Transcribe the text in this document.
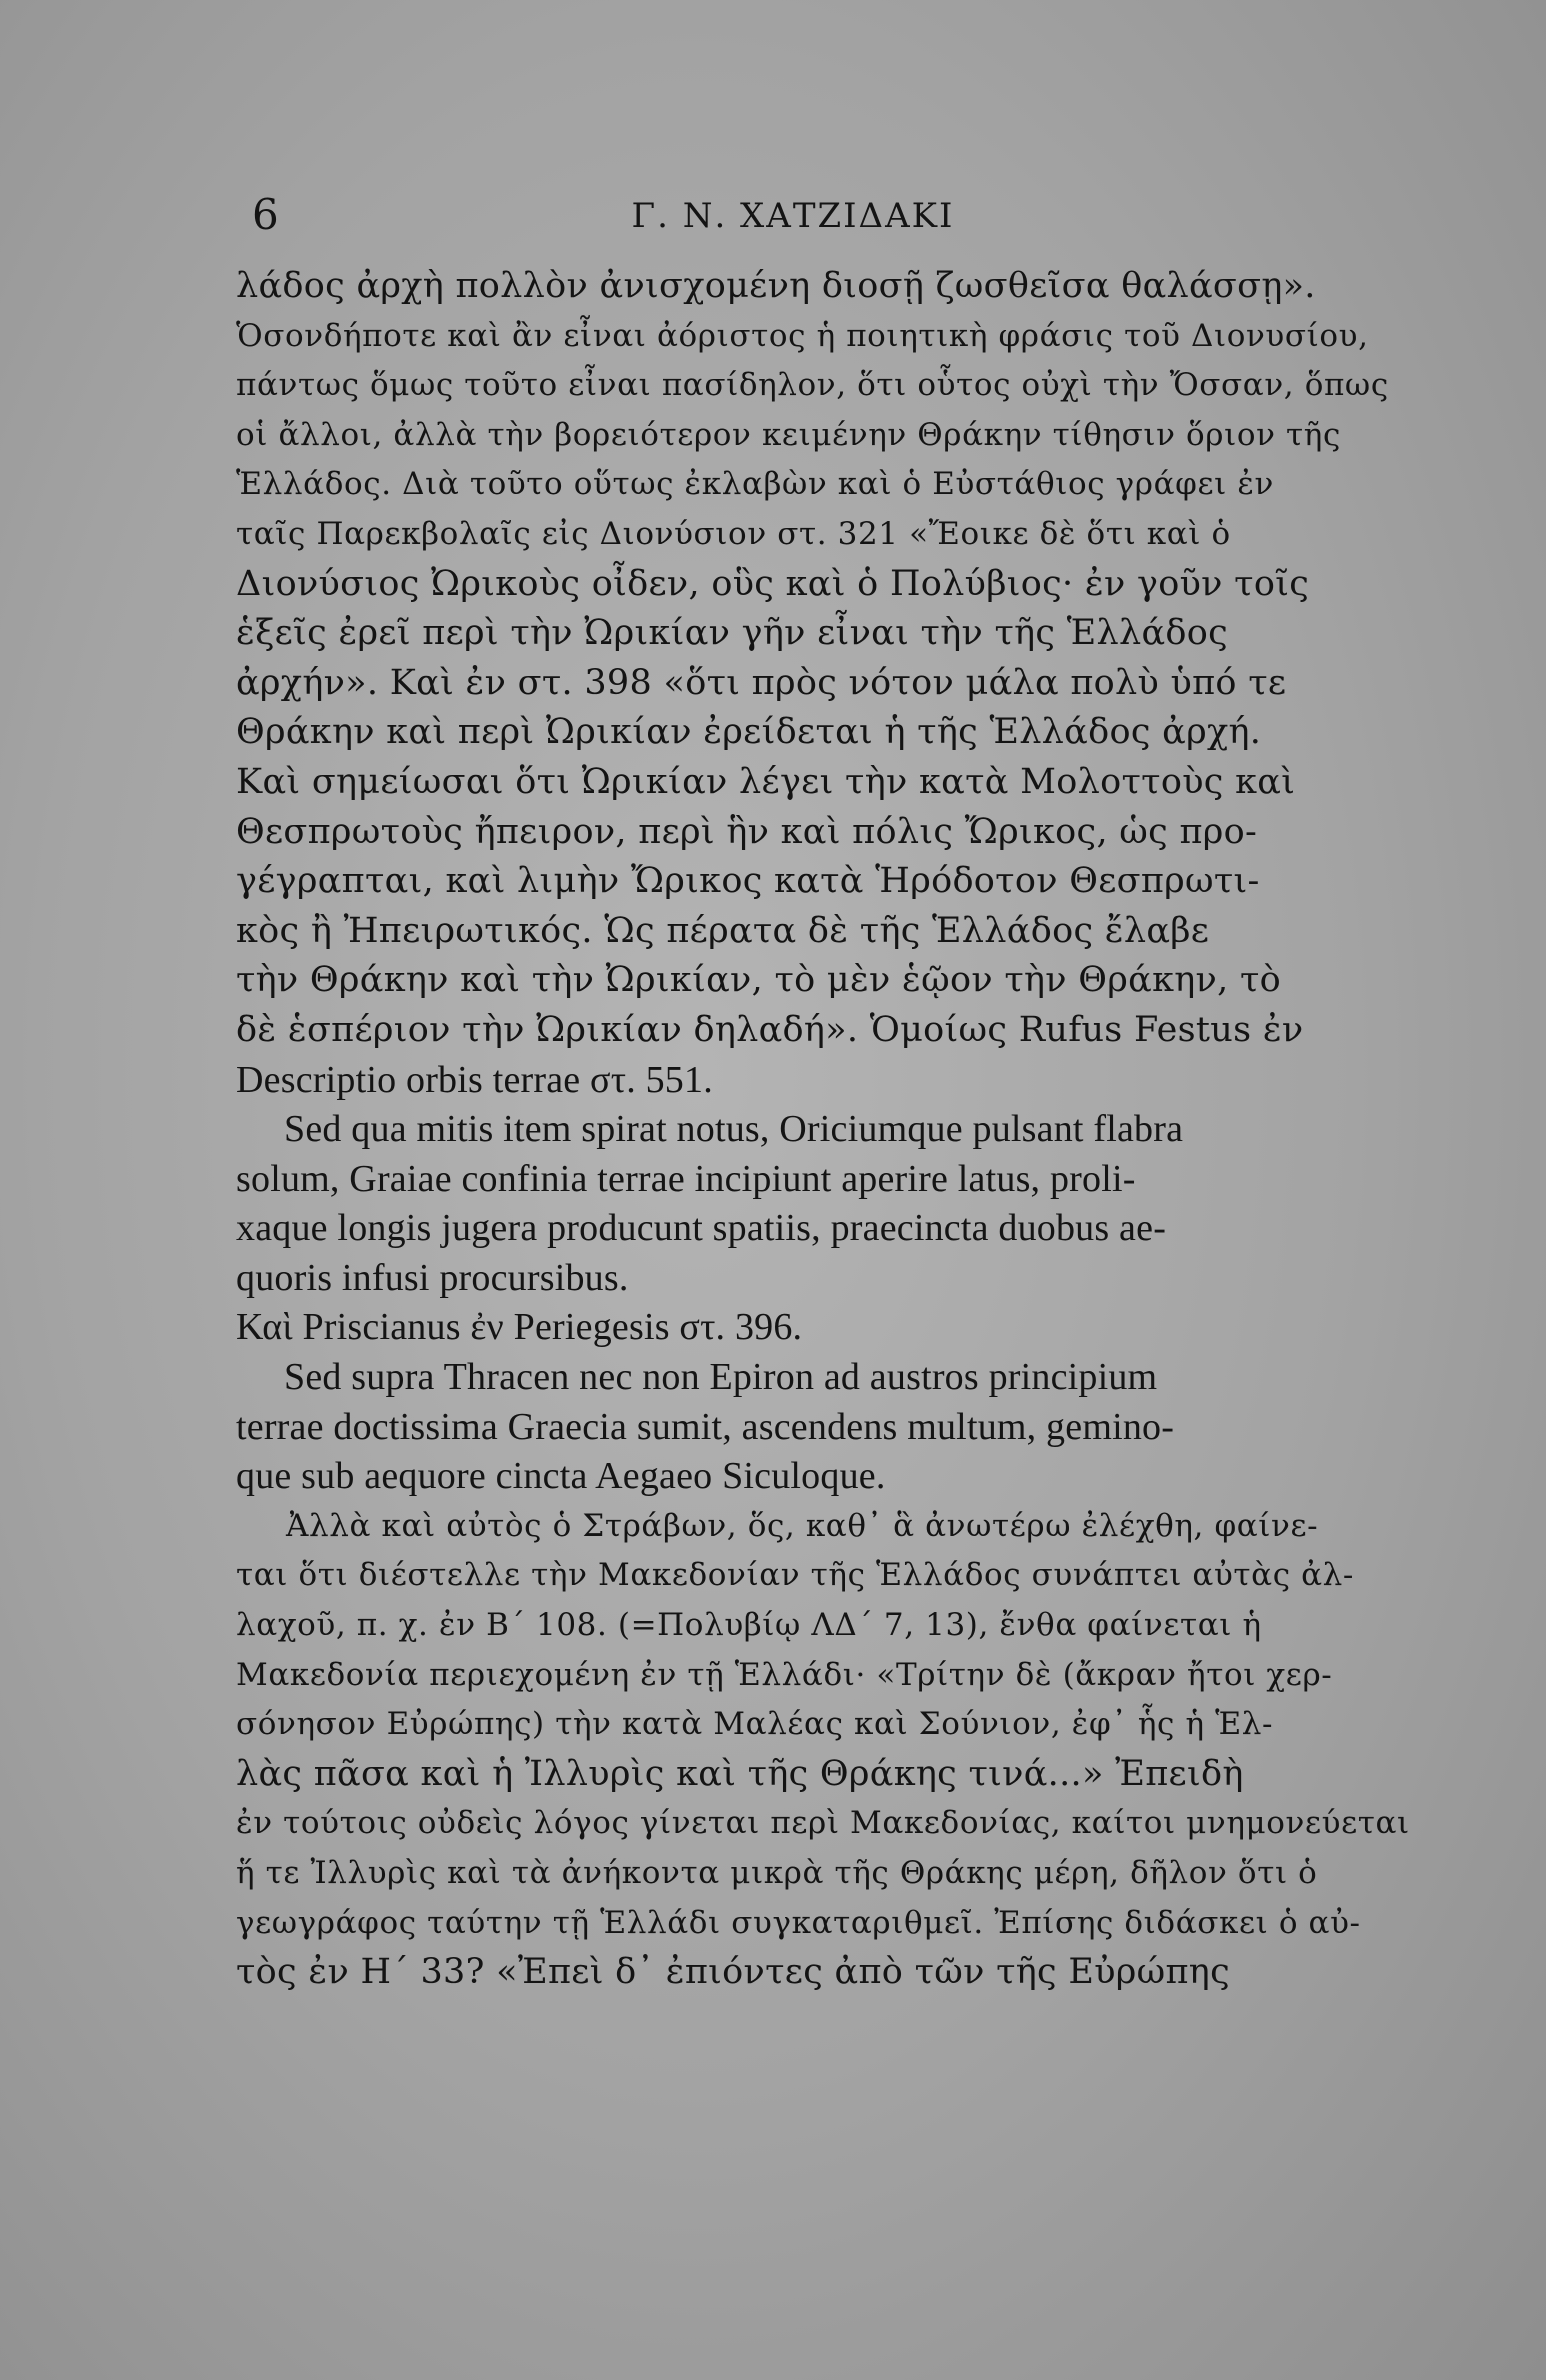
6	Γ. Ν. ΧΑΤΖΙΔΑΚΙ
λάδος ἀρχὴ πολλὸν ἀνισχομένη διοσῇ ζωσθεῖσα θαλάσσῃ».
Ὁσονδήποτε καὶ ἂν εἶναι ἀόριστος ἡ ποιητικὴ φράσις τοῦ Διονυσίου,
πάντως ὅμως τοῦτο εἶναι πασίδηλον, ὅτι οὗτος οὐχὶ τὴν Ὄσσαν, ὅπως
οἱ ἄλλοι, ἀλλὰ τὴν βορειότερον κειμένην Θράκην τίθησιν ὅριον τῆς
Ἑλλάδος. Διὰ τοῦτο οὕτως ἐκλαβὼν καὶ ὁ Εὐστάθιος γράφει ἐν
ταῖς Παρεκβολαῖς εἰς Διονύσιον στ. 321 «Ἔοικε δὲ ὅτι καὶ ὁ
Διονύσιος Ὠρικοὺς οἶδεν, οὓς καὶ ὁ Πολύβιος· ἐν γοῦν τοῖς
ἑξεῖς ἐρεῖ περὶ τὴν Ὠρικίαν γῆν εἶναι τὴν τῆς Ἑλλάδος
ἀρχήν». Καὶ ἐν στ. 398 «ὅτι πρὸς νότον μάλα πολὺ ὑπό τε
Θράκην καὶ περὶ Ὠρικίαν ἐρείδεται ἡ τῆς Ἑλλάδος ἀρχή.
Καὶ σημείωσαι ὅτι Ὠρικίαν λέγει τὴν κατὰ Μολοττοὺς καὶ
Θεσπρωτοὺς ἤπειρον, περὶ ἣν καὶ πόλις Ὤρικος, ὡς προ-
γέγραπται, καὶ λιμὴν Ὤρικος κατὰ Ἡρόδοτον Θεσπρωτι-
κὸς ἢ Ἠπειρωτικός. Ὡς πέρατα δὲ τῆς Ἑλλάδος ἔλαβε
τὴν Θράκην καὶ τὴν Ὠρικίαν, τὸ μὲν ἑῷον τὴν Θράκην, τὸ
δὲ ἑσπέριον τὴν Ὠρικίαν δηλαδή». Ὁμοίως Rufus Festus ἐν
Descriptio orbis terrae στ. 551.
Sed qua mitis item spirat notus, Oriciumque pulsant flabra
solum, Graiae confinia terrae incipiunt aperire latus, proli-
xaque longis jugera producunt spatiis, praecincta duobus ae-
quoris infusi procursibus.
Καὶ Priscianus ἐν Periegesis στ. 396.
Sed supra Thracen nec non Epiron ad austros principium
terrae doctissima Graecia sumit, ascendens multum, gemino-
que sub aequore cincta Aegaeo Siculoque.
Ἀλλὰ καὶ αὐτὸς ὁ Στράβων, ὅς, καθ᾽ ἃ ἀνωτέρω ἐλέχθη, φαίνε-
ται ὅτι διέστελλε τὴν Μακεδονίαν τῆς Ἑλλάδος συνάπτει αὐτὰς ἀλ-
λαχοῦ, π. χ. ἐν Β΄ 108. (=Πολυβίῳ ΛΔ΄ 7, 13), ἔνθα φαίνεται ἡ
Μακεδονία περιεχομένη ἐν τῇ Ἑλλάδι· «Τρίτην δὲ (ἄκραν ἤτοι χερ-
σόνησον Εὐρώπης) τὴν κατὰ Μαλέας καὶ Σούνιον, ἐφ᾽ ἧς ἡ Ἑλ-
λὰς πᾶσα καὶ ἡ Ἰλλυρὶς καὶ τῆς Θράκης τινά...» Ἐπειδὴ
ἐν τούτοις οὐδεὶς λόγος γίνεται περὶ Μακεδονίας, καίτοι μνημονεύεται
ἥ τε Ἰλλυρὶς καὶ τὰ ἀνήκοντα μικρὰ τῆς Θράκης μέρη, δῆλον ὅτι ὁ
γεωγράφος ταύτην τῇ Ἑλλάδι συγκαταριθμεῖ. Ἐπίσης διδάσκει ὁ αὐ-
τὸς ἐν Η΄ 33? «Ἐπεὶ δ᾽ ἐπιόντες ἀπὸ τῶν τῆς Εὐρώπης
